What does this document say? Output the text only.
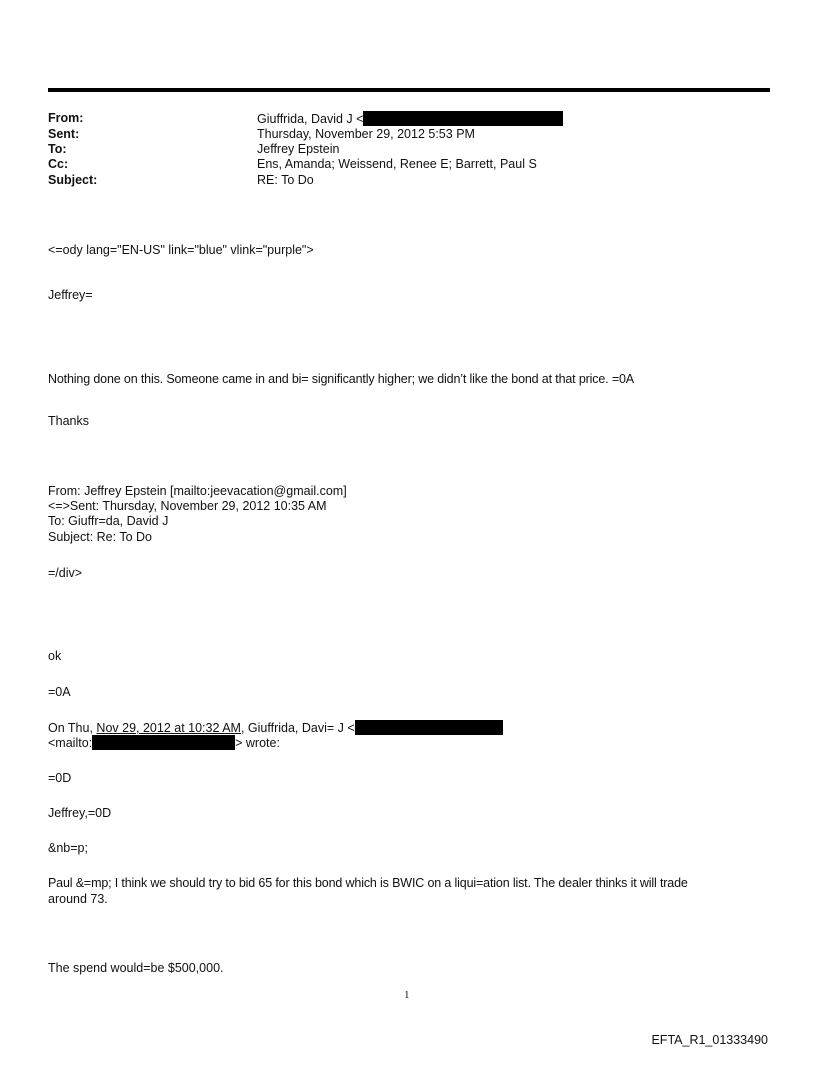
From:	Giuffrida, David J <
Sent:	Thursday, November 29, 2012 5:53 PM
To:	Jeffrey Epstein
Cc:	Ens, Amanda; Weissend, Renee E; Barrett, Paul S
Subject:	RE: To Do
<=ody lang="EN-US" link="blue" vlink="purple">
Jeffrey=
Nothing done on this. Someone came in and bi= significantly higher; we didn’t like the bond at that price. =0A
Thanks
From: Jeffrey Epstein [mailto:jeevacation@gmail.com]
<=>Sent: Thursday, November 29, 2012 10:35 AM
To: Giuffr=da, David J
Subject: Re: To Do
=/div>
ok
=0A
On Thu, Nov 29, 2012 at 10:32 AM, Giuffrida, Davi= J <
<mailto:	> wrote:
=0D
Jeffrey,=0D
&nb=p;
Paul &=mp; I think we should try to bid 65 for this bond which is BWIC on a liqui=ation list. The dealer thinks it will trade
around 73.
The spend would=be $500,000.
1
EFTA_R1_01333490
